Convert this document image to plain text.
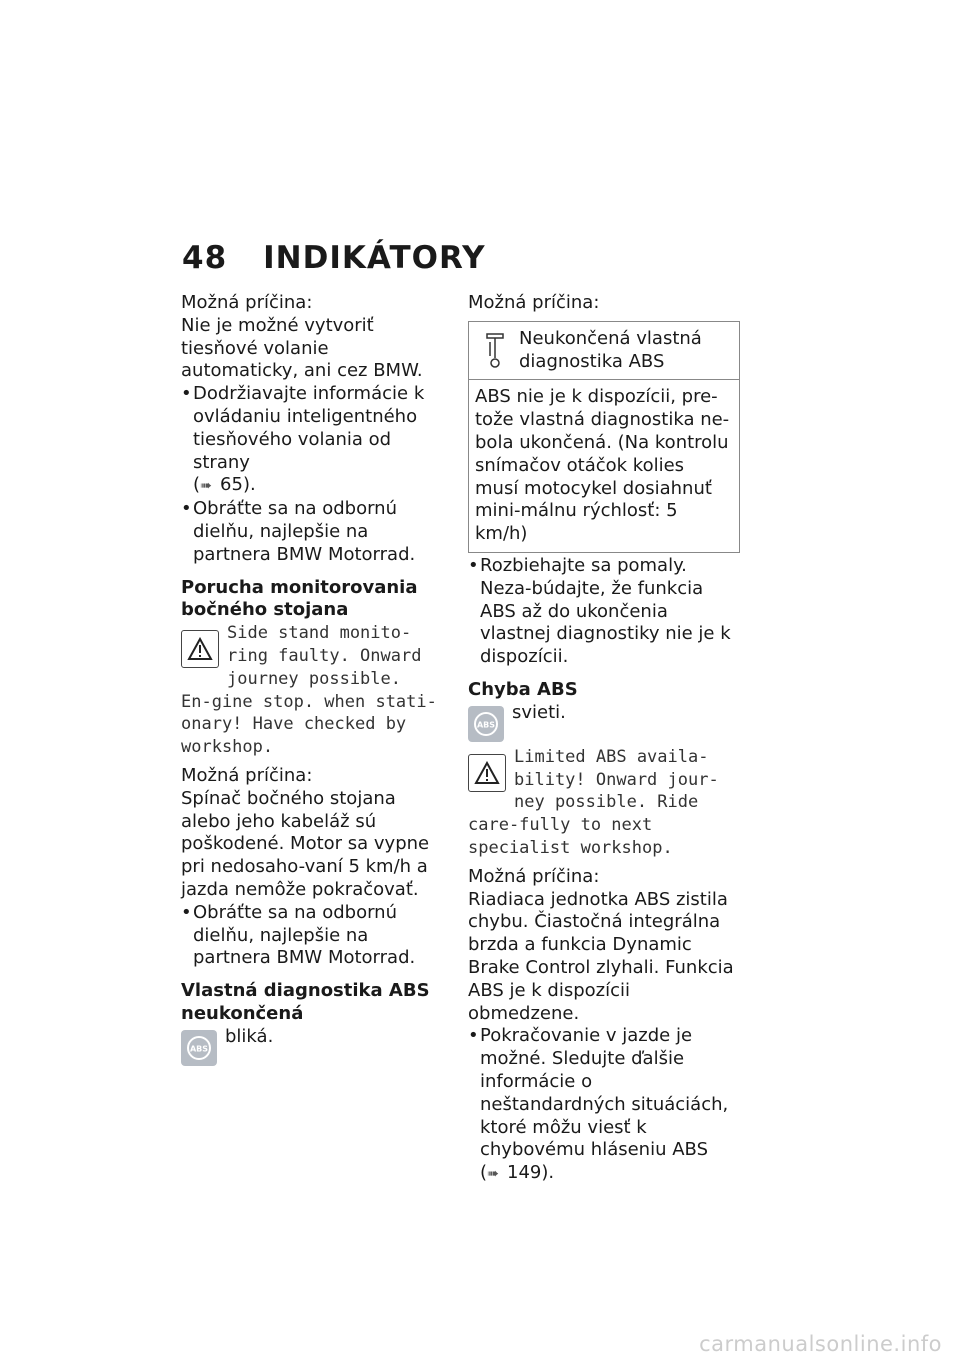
48 INDIKÁTORY

Možná príčina:

Nie je možné vytvoriť tiesňové volanie automaticky, ani cez BMW.

• Dodržiavajte informácie k ovládaniu inteligentného tiesňového volania od strany
(➠ 65).

• Obráťte sa na odbornú dielňu, najlepšie na partnera BMW Motorrad.

Porucha monitorovania bočného stojana

Side stand monito-ring faulty. Onward journey possible. En-gine stop. when stati-onary! Have checked by workshop.

Možná príčina:

Spínač bočného stojana alebo jeho kabeláž sú poškodené. Motor sa vypne pri nedosaho-vaní 5 km/h a jazda nemôže pokračovať.

• Obráťte sa na odbornú dielňu, najlepšie na partnera BMW Motorrad.

Vlastná diagnostika ABS neukončená

ABS

bliká.

Možná príčina:

Neukončená vlastná diagnostika ABS
ABS nie je k dispozícii, pre-tože vlastná diagnostika ne-bola ukončená. (Na kontrolu snímačov otáčok kolies musí motocykel dosiahnuť mini-málnu rýchlosť: 5 km/h)

• Rozbiehajte sa pomaly. Neza-búdajte, že funkcia ABS až do ukončenia vlastnej diagnostiky nie je k dispozícii.

Chyba ABS

ABS

svieti.

Limited ABS availa-bility! Onward jour-ney possible. Ride care-fully to next specialist workshop.

Možná príčina:

Riadiaca jednotka ABS zistila chybu. Čiastočná integrálna brzda a funkcia Dynamic Brake Control zlyhali. Funkcia ABS je k dispozícii obmedzene.

• Pokračovanie v jazde je možné. Sledujte ďalšie informácie o neštandardných situáciách, ktoré môžu viesť k chybovému hláseniu ABS
(➠ 149).

carmanualsonline.info
